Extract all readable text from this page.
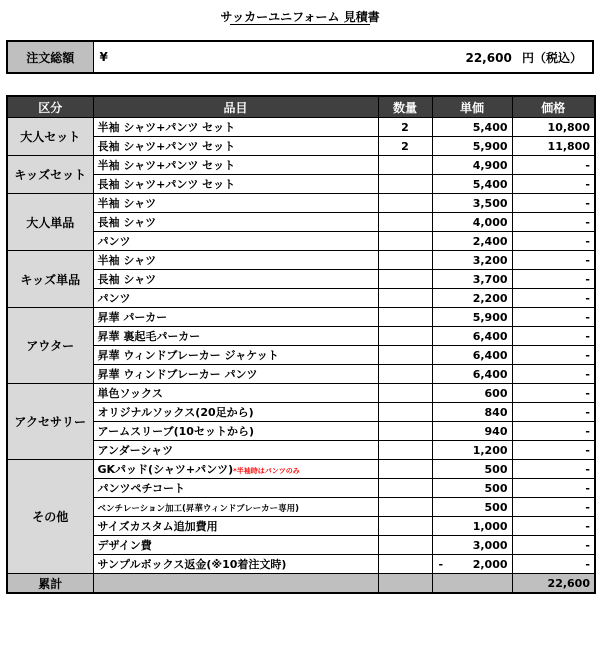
サッカーユニフォーム 見積書
注文総額	¥	22,600 円（税込）
区分	品目	数量	単価	価格
大人セット	半袖 シャツ+パンツ セット	2	5,400	10,800
	長袖 シャツ+パンツ セット	2	5,900	11,800
キッズセット	半袖 シャツ+パンツ セット		4,900	-
	長袖 シャツ+パンツ セット		5,400	-
大人単品	半袖 シャツ		3,500	-
	長袖 シャツ		4,000	-
	パンツ		2,400	-
キッズ単品	半袖 シャツ		3,200	-
	長袖 シャツ		3,700	-
	パンツ		2,200	-
アウター	昇華 パーカー		5,900	-
	昇華 裏起毛パーカー		6,400	-
	昇華 ウィンドブレーカー ジャケット		6,400	-
	昇華 ウィンドブレーカー パンツ		6,400	-
アクセサリー	単色ソックス		600	-
	オリジナルソックス(20足から)		840	-
	アームスリーブ(10セットから)		940	-
	アンダーシャツ		1,200	-
その他	GKパッド(シャツ+パンツ)*半袖時はパンツのみ		500	-
	パンツペチコート		500	-
	ベンチレーション加工(昇華ウィンドブレーカー専用)		500	-
	サイズカスタム追加費用		1,000	-
	デザイン費		3,000	-
	サンプルボックス返金(※10着注文時)		- 2,000	-
累計				22,600
